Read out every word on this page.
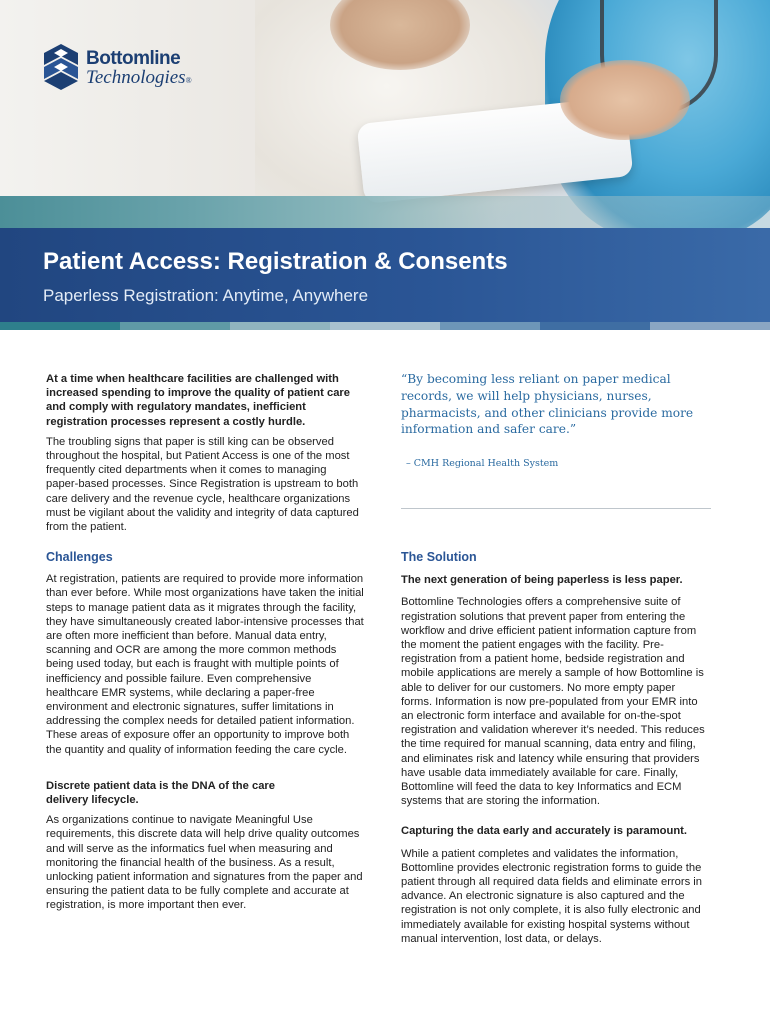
Bottomline
Technologies®
Patient Access: Registration & Consents
Paperless Registration: Anytime, Anywhere

At a time when healthcare facilities are challenged with increased spending to improve the quality of patient care and comply with regulatory mandates, inefficient registration processes represent a costly hurdle.

The troubling signs that paper is still king can be observed throughout the hospital, but Patient Access is one of the most frequently cited departments when it comes to managing paper-based processes. Since Registration is upstream to both care delivery and the revenue cycle, healthcare organizations must be vigilant about the validity and integrity of data captured from the patient.

Challenges

At registration, patients are required to provide more information than ever before. While most organizations have taken the initial steps to manage patient data as it migrates through the facility, they have simultaneously created labor-intensive processes that are often more inefficient than before. Manual data entry, scanning and OCR are among the more common methods being used today, but each is fraught with multiple points of inefficiency and possible failure. Even comprehensive healthcare EMR systems, while declaring a paper-free environment and electronic signatures, suffer limitations in addressing the complex needs for detailed patient information. These areas of exposure offer an opportunity to improve both the quantity and quality of information feeding the care cycle.

Discrete patient data is the DNA of the care delivery lifecycle.

As organizations continue to navigate Meaningful Use requirements, this discrete data will help drive quality outcomes and will serve as the informatics fuel when measuring and monitoring the financial health of the business. As a result, unlocking patient information and signatures from the paper and ensuring the patient data to be fully complete and accurate at registration, is more important then ever.

“By becoming less reliant on paper medical records, we will help physicians, nurses, pharmacists, and other clinicians provide more information and safer care.”
– CMH Regional Health System
The Solution
The next generation of being paperless is less paper.

Bottomline Technologies offers a comprehensive suite of registration solutions that prevent paper from entering the workflow and drive efficient patient information capture from the moment the patient engages with the facility. Pre-registration from a patient home, bedside registration and mobile applications are merely a sample of how Bottomline is able to deliver for our customers. No more empty paper forms. Information is now pre-populated from your EMR into an electronic form interface and available for on-the-spot registration and validation wherever it’s needed. This reduces the time required for manual scanning, data entry and filing, and eliminates risk and latency while ensuring that providers have usable data immediately available for care. Finally, Bottomline will feed the data to key Informatics and ECM systems that are storing the information.

Capturing the data early and accurately is paramount.

While a patient completes and validates the information, Bottomline provides electronic registration forms to guide the patient through all required data fields and eliminate errors in advance. An electronic signature is also captured and the registration is not only complete, it is also fully electronic and immediately available for existing hospital systems without manual intervention, lost data, or delays.
